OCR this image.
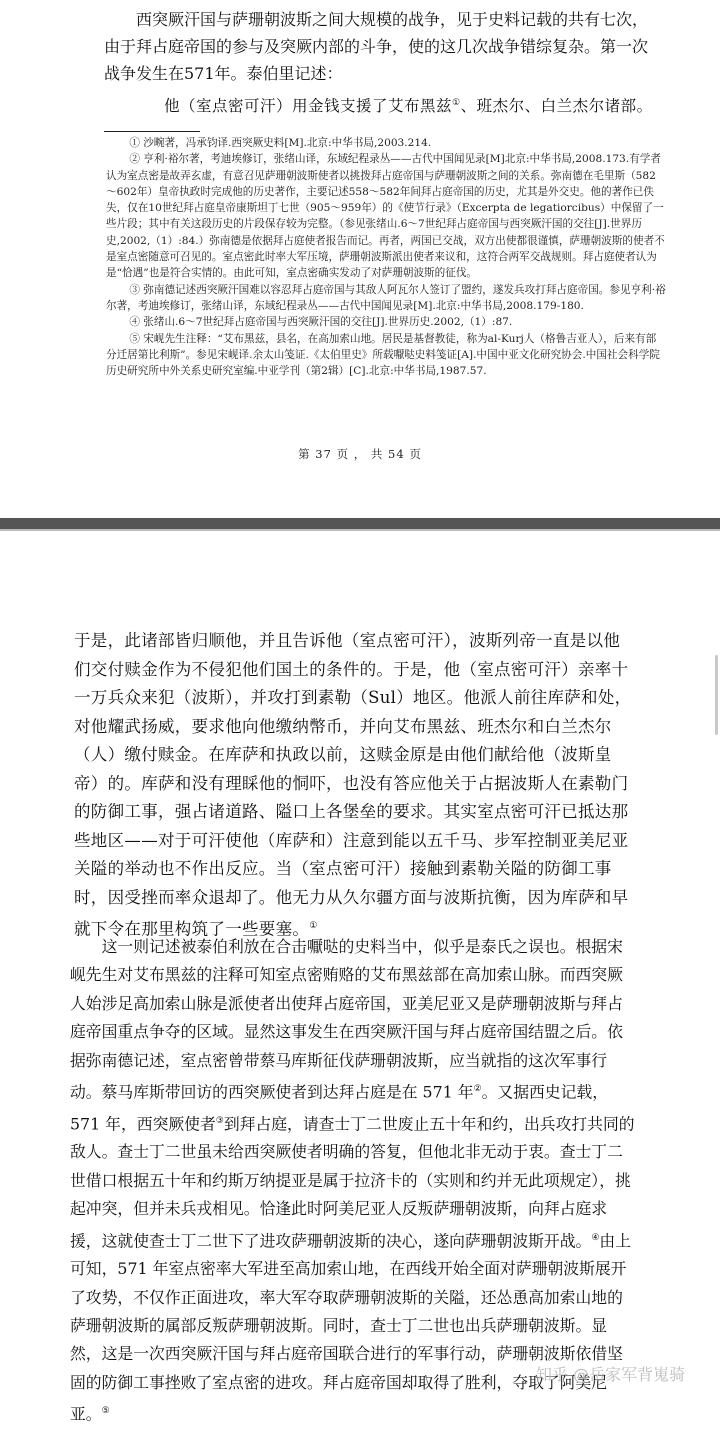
西突厥汗国与萨珊朝波斯之间大规模的战争，见于史料记载的共有七次，
由于拜占庭帝国的参与及突厥内部的斗争，使的这几次战争错综复杂。第一次
战争发生在571年。泰伯里记述：
他（室点密可汗）用金钱支援了艾布黑兹①、班杰尔、白兰杰尔诸部。

① 沙畹著，冯承钧译.西突厥史料[M].北京:中华书局,2003.214.

② 亨利·裕尔著，考迪埃修订，张绪山译，东域纪程录丛——古代中国闻见录[M]北京:中华书局,2008.173.有学者认为室点密是故弄玄虚，有意召见萨珊朝波斯使者以挑拨拜占庭帝国与萨珊朝波斯之间的关系。弥南德在毛里斯（582～602年）皇帝执政时完成他的历史著作，主要记述558～582年间拜占庭帝国的历史，尤其是外交史。他的著作已佚失，仅在10世纪拜占庭皇帝康斯坦丁七世（905～959年）的《使节行录》（Excerpta de legatiorcibus）中保留了一些片段；其中有关这段历史的片段保存较为完整。（参见张绪山.6～7世纪拜占庭帝国与西突厥汗国的交往[J].世界历史,2002,（1）:84.）弥南德是依据拜占庭使者报告而记。再者，两国已交战，双方出使都很谨慎，萨珊朝波斯的使者不是室点密随意可召见的。室点密此时率大军压境，萨珊朝波斯派出使者来议和，这符合两军交战规则。拜占庭使者认为是“恰遇”也是符合实情的。由此可知，室点密确实发动了对萨珊朝波斯的征伐。

③ 弥南德记述西突厥汗国难以容忍拜占庭帝国与其敌人阿瓦尔人签订了盟约，遂发兵攻打拜占庭帝国。参见亨利·裕尔著，考迪埃修订，张绪山译，东域纪程录丛——古代中国闻见录[M].北京:中华书局,2008.179-180.

④ 张绪山.6～7世纪拜占庭帝国与西突厥汗国的交往[J].世界历史.2002,（1）:87.

⑤ 宋岘先生注释：“艾布黑兹，县名，在高加索山地。居民是基督教徒，称为al-Kurj人（格鲁吉亚人），后来有部分迁居第比利斯”。参见宋岘译.余太山笺证.《太伯里史》所载嚈哒史料笺证[A].中国中亚文化研究协会.中国社会科学院历史研究所中外关系史研究室编.中亚学刊（第2辑）[C].北京:中华书局,1987.57.

第 37 页 ， 共 54 页
于是，此诸部皆归顺他，并且告诉他（室点密可汗），波斯列帝一直是以他们交付赎金作为不侵犯他们国土的条件的。于是，他（室点密可汗）亲率十一万兵众来犯（波斯），并攻打到素勒（Sul）地区。他派人前往库萨和处，对他耀武扬威，要求他向他缴纳幣币，并向艾布黑兹、班杰尔和白兰杰尔（人）缴付赎金。在库萨和执政以前，这赎金原是由他们献给他（波斯皇帝）的。库萨和没有理睬他的恫吓，也没有答应他关于占据波斯人在素勒门的防御工事，强占诸道路、隘口上各堡垒的要求。其实室点密可汗已抵达那些地区——对于可汗使他（库萨和）注意到能以五千马、步军控制亚美尼亚关隘的举动也不作出反应。当（室点密可汗）接触到素勒关隘的防御工事时，因受挫而率众退却了。他无力从久尔疆方面与波斯抗衡，因为库萨和早就下令在那里构筑了一些要塞。①
这一则记述被泰伯利放在合击嚈哒的史料当中，似乎是泰氏之误也。根据宋岘先生对艾布黑兹的注释可知室点密贿赂的艾布黑兹部在高加索山脉。而西突厥人始涉足高加索山脉是派使者出使拜占庭帝国，亚美尼亚又是萨珊朝波斯与拜占庭帝国重点争夺的区域。显然这事发生在西突厥汗国与拜占庭帝国结盟之后。依据弥南德记述，室点密曾带蔡马库斯征伐萨珊朝波斯，应当就指的这次军事行动。蔡马库斯带回访的西突厥使者到达拜占庭是在 571 年②。又据西史记载，571 年，西突厥使者③到拜占庭，请查士丁二世废止五十年和约，出兵攻打共同的敌人。查士丁二世虽未给西突厥使者明确的答复，但他北非无动于衷。查士丁二世借口根据五十年和约斯万纳提亚是属于拉济卡的（实则和约并无此项规定），挑起冲突，但并未兵戎相见。恰逢此时阿美尼亚人反叛萨珊朝波斯，向拜占庭求援，这就使查士丁二世下了进攻萨珊朝波斯的决心，遂向萨珊朝波斯开战。④由上可知，571 年室点密率大军进至高加索山地，在西线开始全面对萨珊朝波斯展开了攻势，不仅作正面进攻，率大军夺取萨珊朝波斯的关隘，还怂恿高加索山地的萨珊朝波斯的属部反叛萨珊朝波斯。同时，查士丁二世也出兵萨珊朝波斯。显然，这是一次西突厥汗国与拜占庭帝国联合进行的军事行动，萨珊朝波斯依借坚固的防御工事挫败了室点密的进攻。拜占庭帝国却取得了胜利，夺取了阿美尼亚。⑤
知乎 @岳家军背嵬骑
